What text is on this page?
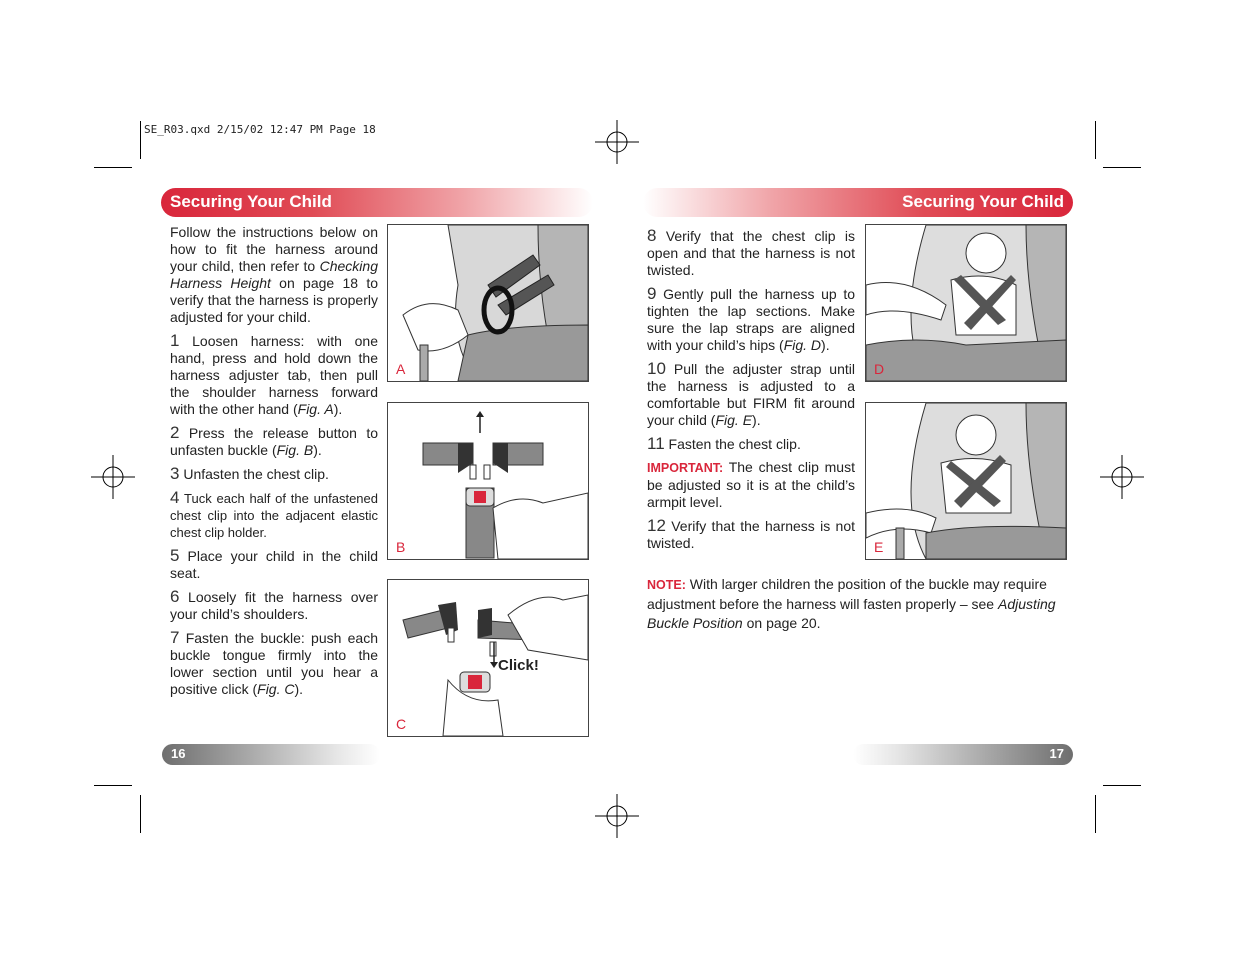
SE_R03.qxd 2/15/02 12:47 PM Page 18
Securing Your Child	Securing Your Child

Follow the instructions below on how to fit the harness around your child, then refer to Checking Harness Height on page 18 to verify that the harness is properly adjusted for your child.

1 Loosen harness: with one hand, press and hold down the harness adjuster tab, then pull the shoulder harness forward with the other hand (Fig. A).

2 Press the release button to unfasten buckle (Fig. B).

3 Unfasten the chest clip.

4 Tuck each half of the unfastened chest clip into the adjacent elastic chest clip holder.

5 Place your child in the child seat.

6 Loosely fit the harness over your child’s shoulders.

7 Fasten the buckle: push each buckle tongue firmly into the lower section until you hear a positive click (Fig. C).

A
B
C
Click!

8 Verify that the chest clip is open and that the harness is not twisted.

9 Gently pull the harness up to tighten the lap sections. Make sure the lap straps are aligned with your child’s hips (Fig. D).

10 Pull the adjuster strap until the harness is adjusted to a comfortable but FIRM fit around your child (Fig. E).

11 Fasten the chest clip.

IMPORTANT: The chest clip must be adjusted so it is at the child’s armpit level.

12 Verify that the harness is not twisted.

D
E
NOTE: With larger children the position of the buckle may require adjustment before the harness will fasten properly – see Adjusting Buckle Position on page 20.
16	17
